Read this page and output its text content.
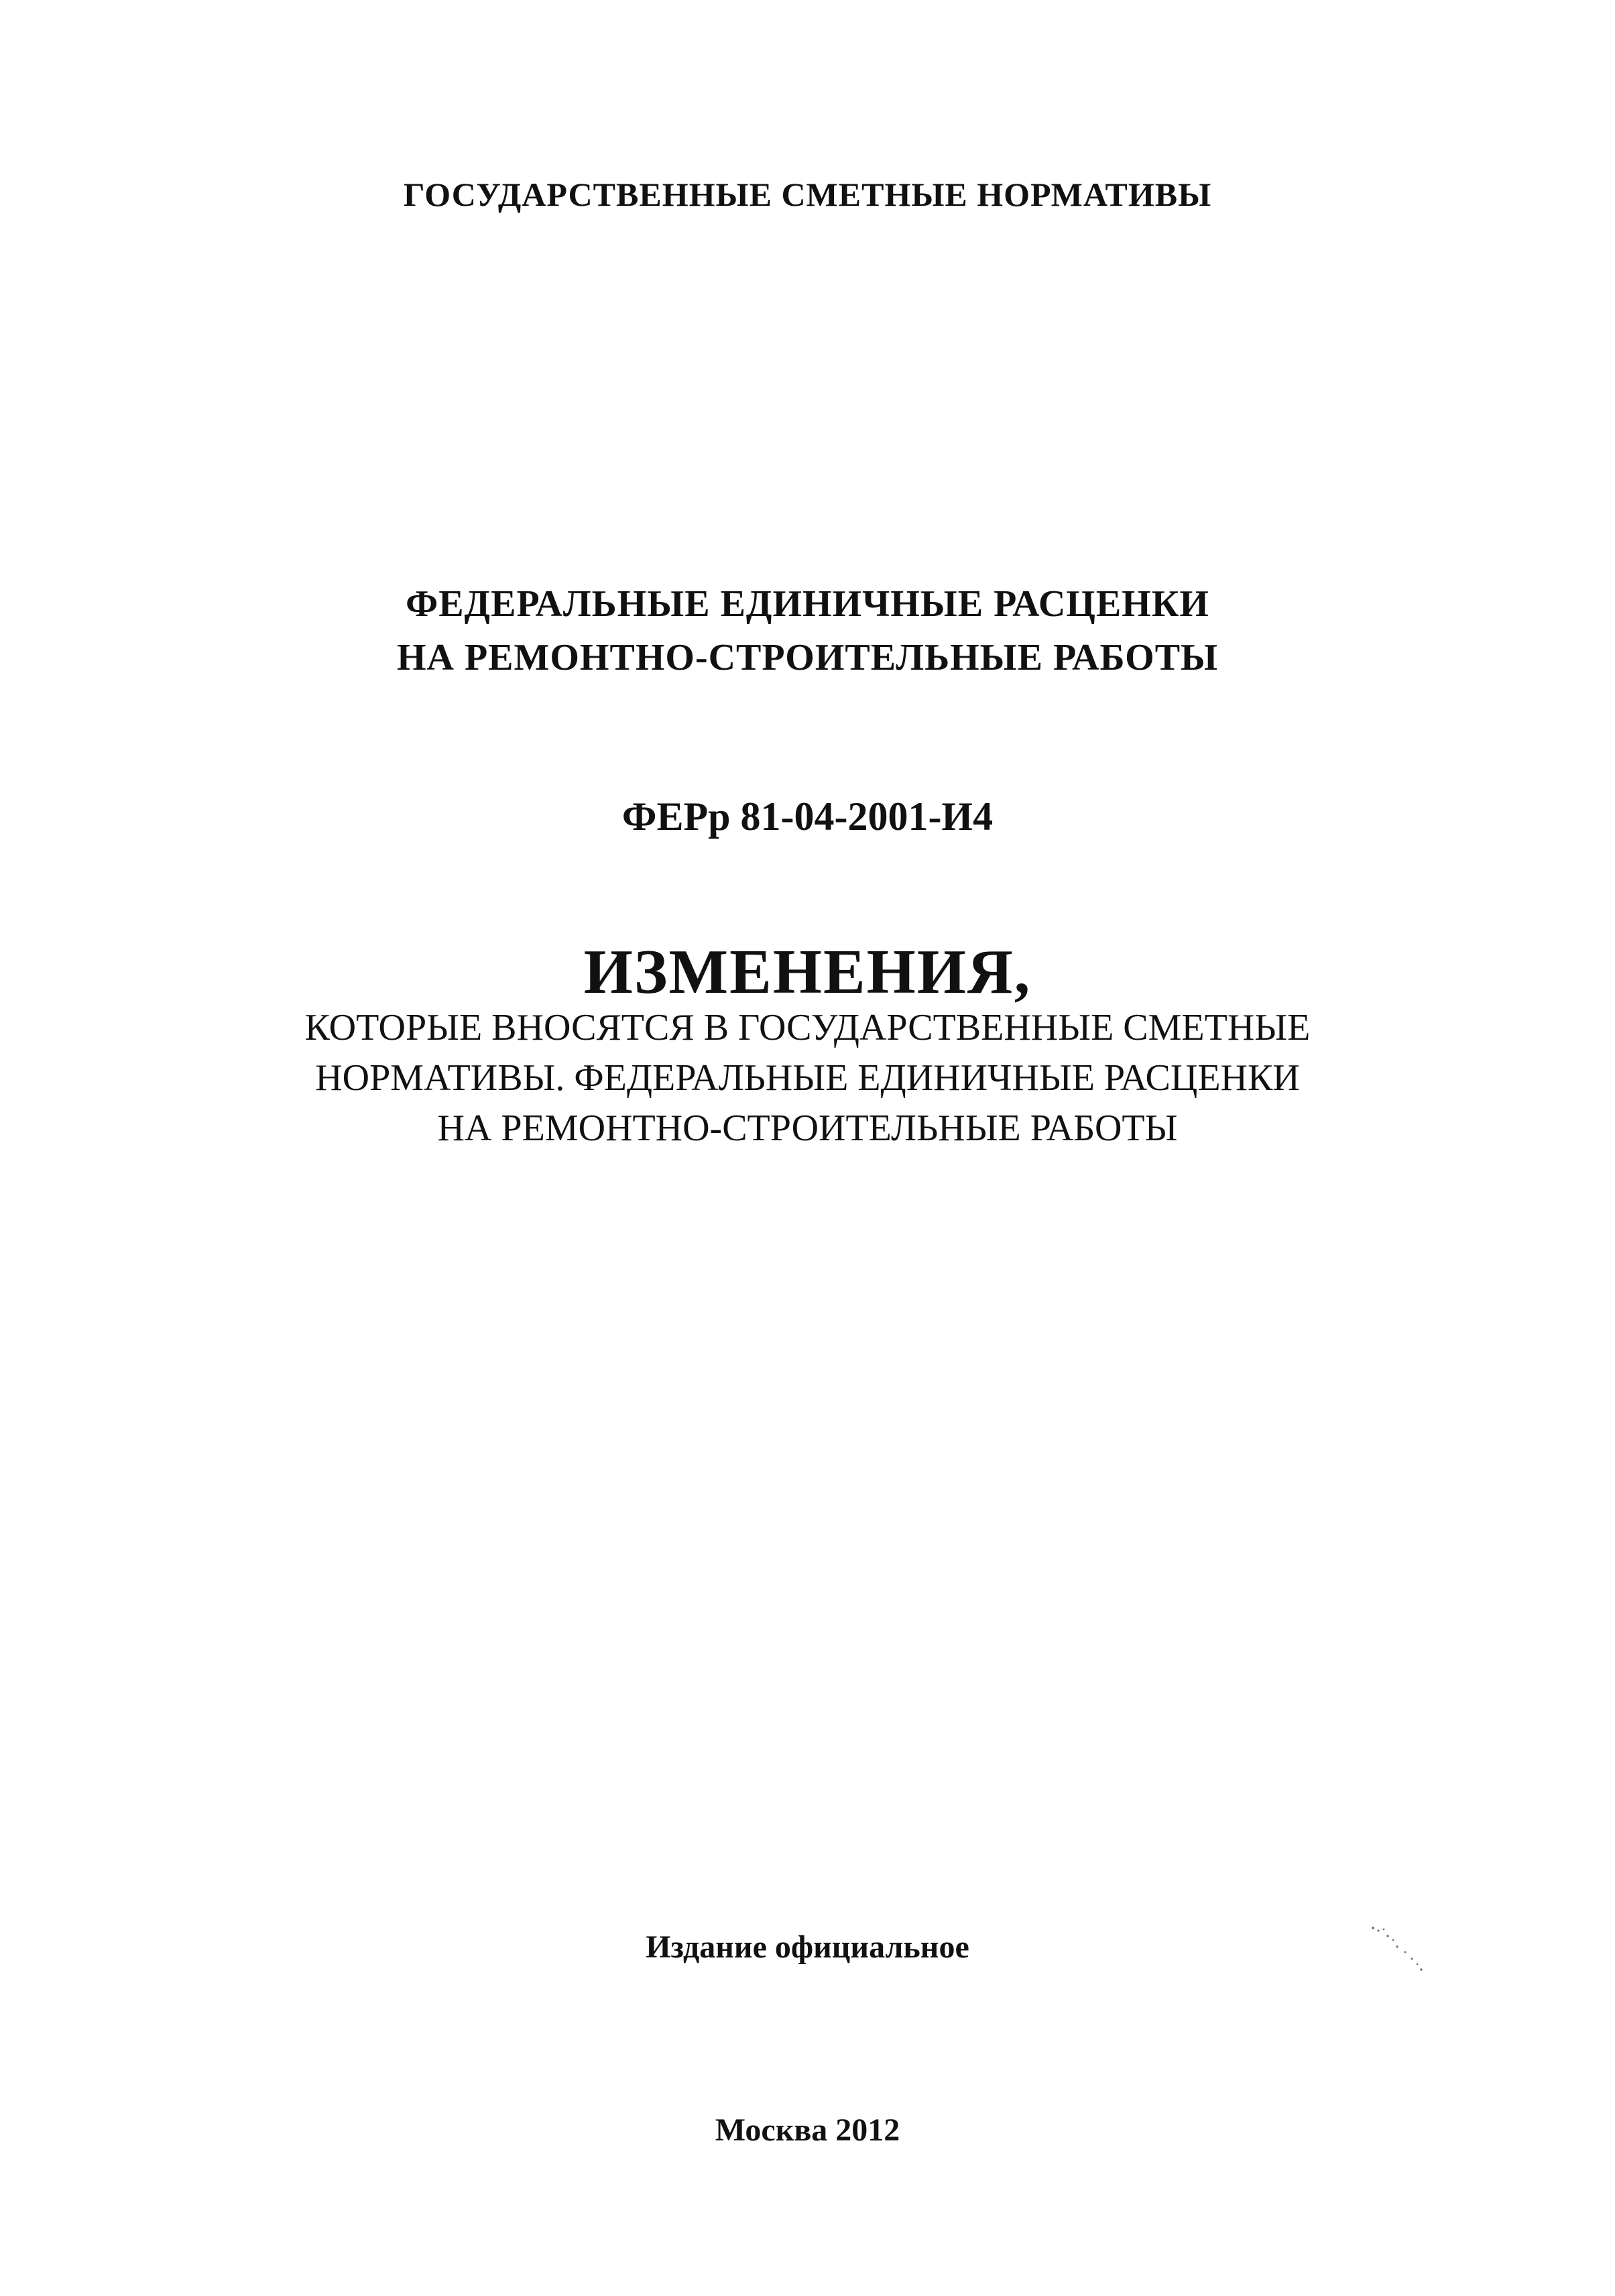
ГОСУДАРСТВЕННЫЕ СМЕТНЫЕ НОРМАТИВЫ

ФЕДЕРАЛЬНЫЕ ЕДИНИЧНЫЕ РАСЦЕНКИ

НА РЕМОНТНО-СТРОИТЕЛЬНЫЕ РАБОТЫ

ФЕРр 81-04-2001-И4

ИЗМЕНЕНИЯ,

КОТОРЫЕ ВНОСЯТСЯ В ГОСУДАРСТВЕННЫЕ СМЕТНЫЕ

НОРМАТИВЫ. ФЕДЕРАЛЬНЫЕ ЕДИНИЧНЫЕ РАСЦЕНКИ

НА РЕМОНТНО-СТРОИТЕЛЬНЫЕ РАБОТЫ

Издание официальное

Москва 2012
